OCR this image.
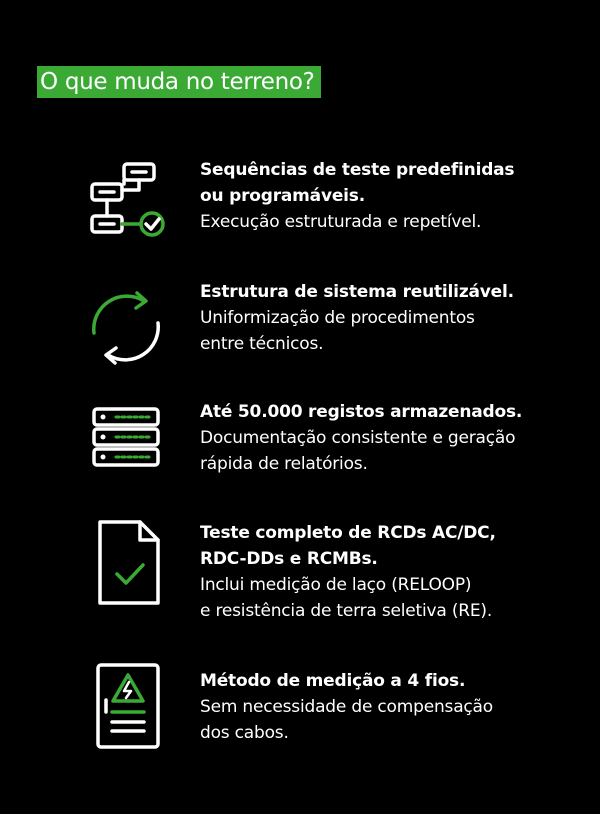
O que muda no terreno?
Sequências de teste predefinidas
ou programáveis.
Execução estruturada e repetível.
Estrutura de sistema reutilizável.
Uniformização de procedimentos
entre técnicos.
Até 50.000 registos armazenados.
Documentação consistente e geração
rápida de relatórios.
Teste completo de RCDs AC/DC,
RDC-DDs e RCMBs.
Inclui medição de laço (RELOOP)
e resistência de terra seletiva (RE).
Método de medição a 4 fios.
Sem necessidade de compensação
dos cabos.
